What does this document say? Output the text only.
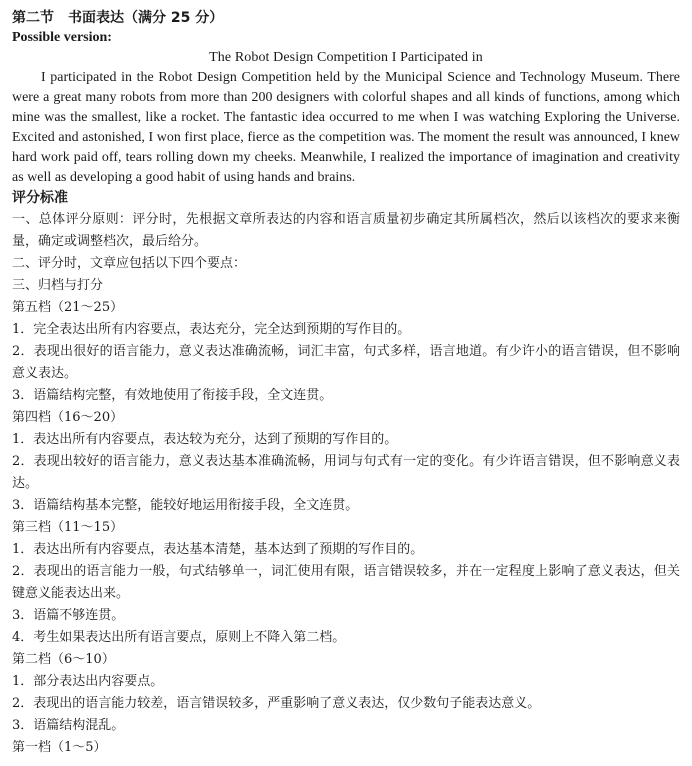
第二节　书面表达（满分 25 分）
Possible version:
The Robot Design Competition I Participated in

I participated in the Robot Design Competition held by the Municipal Science and Technology Museum. There were a great many robots from more than 200 designers with colorful shapes and all kinds of functions, among which mine was the smallest, like a rocket. The fantastic idea occurred to me when I was watching Exploring the Universe. Excited and astonished, I won first place, fierce as the competition was. The moment the result was announced, I knew hard work paid off, tears rolling down my cheeks. Meanwhile, I realized the importance of imagination and creativity as well as developing a good habit of using hands and brains.

评分标准

一、总体评分原则：评分时，先根据文章所表达的内容和语言质量初步确定其所属档次，然后以该档次的要求来衡量，确定或调整档次，最后给分。

二、评分时，文章应包括以下四个要点：
三、归档与打分
第五档（21～25）
1．完全表达出所有内容要点，表达充分，完全达到预期的写作目的。

2．表现出很好的语言能力，意义表达准确流畅，词汇丰富，句式多样，语言地道。有少许小的语言错误，但不影响意义表达。

3．语篇结构完整，有效地使用了衔接手段，全文连贯。
第四档（16～20）
1．表达出所有内容要点，表达较为充分，达到了预期的写作目的。

2．表现出较好的语言能力，意义表达基本准确流畅，用词与句式有一定的变化。有少许语言错误，但不影响意义表达。

3．语篇结构基本完整，能较好地运用衔接手段，全文连贯。
第三档（11～15）
1．表达出所有内容要点，表达基本清楚，基本达到了预期的写作目的。

2．表现出的语言能力一般，句式结够单一，词汇使用有限，语言错误较多，并在一定程度上影响了意义表达，但关键意义能表达出来。

3．语篇不够连贯。
4．考生如果表达出所有语言要点，原则上不降入第二档。
第二档（6～10）
1．部分表达出内容要点。
2．表现出的语言能力较差，语言错误较多，严重影响了意义表达，仅少数句子能表达意义。
3．语篇结构混乱。
第一档（1～5）
